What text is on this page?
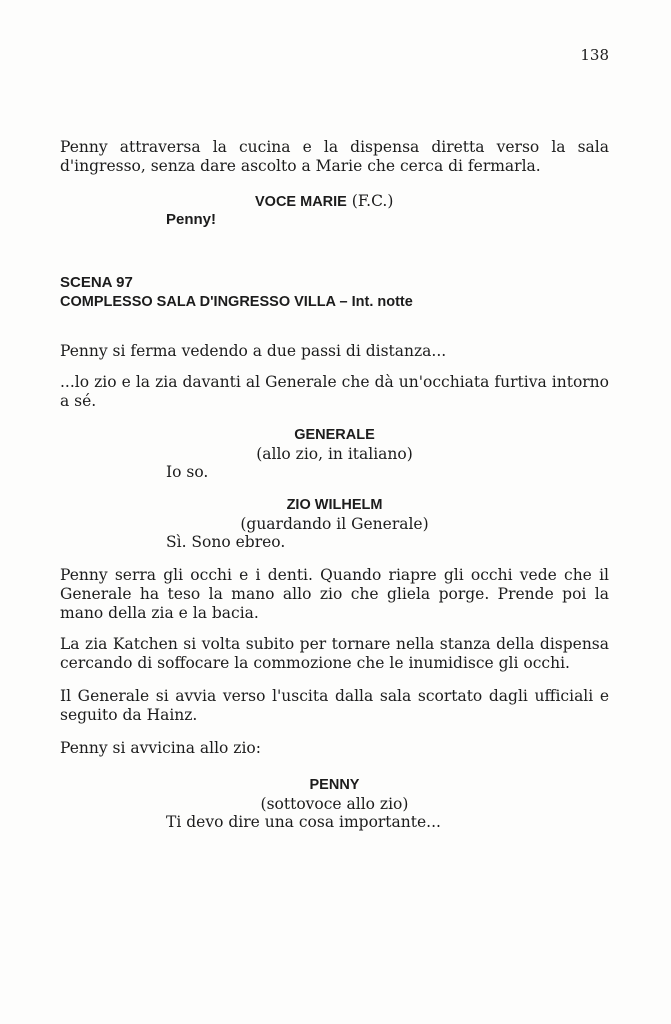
138
Penny attraversa la cucina e la dispensa diretta verso la sala d'ingresso, senza dare ascolto a Marie che cerca di fermarla.
VOCE MARIE (F.C.)
Penny!
SCENA 97
COMPLESSO SALA D'INGRESSO VILLA – Int. notte
Penny si ferma vedendo a due passi di distanza...
...lo zio e la zia davanti al Generale che dà un'occhiata furtiva intorno a sé.
GENERALE
(allo zio, in italiano)
Io so.
ZIO WILHELM
(guardando il Generale)
Sì. Sono ebreo.
Penny serra gli occhi e i denti. Quando riapre gli occhi vede che il Generale ha teso la mano allo zio che gliela porge. Prende poi la mano della zia e la bacia.
La zia Katchen si volta subito per tornare nella stanza della dispensa cercando di soffocare la commozione che le inumidisce gli occhi.
Il Generale si avvia verso l'uscita dalla sala scortato dagli ufficiali e seguito da Hainz.
Penny si avvicina allo zio:
PENNY
(sottovoce allo zio)
Ti devo dire una cosa importante...
